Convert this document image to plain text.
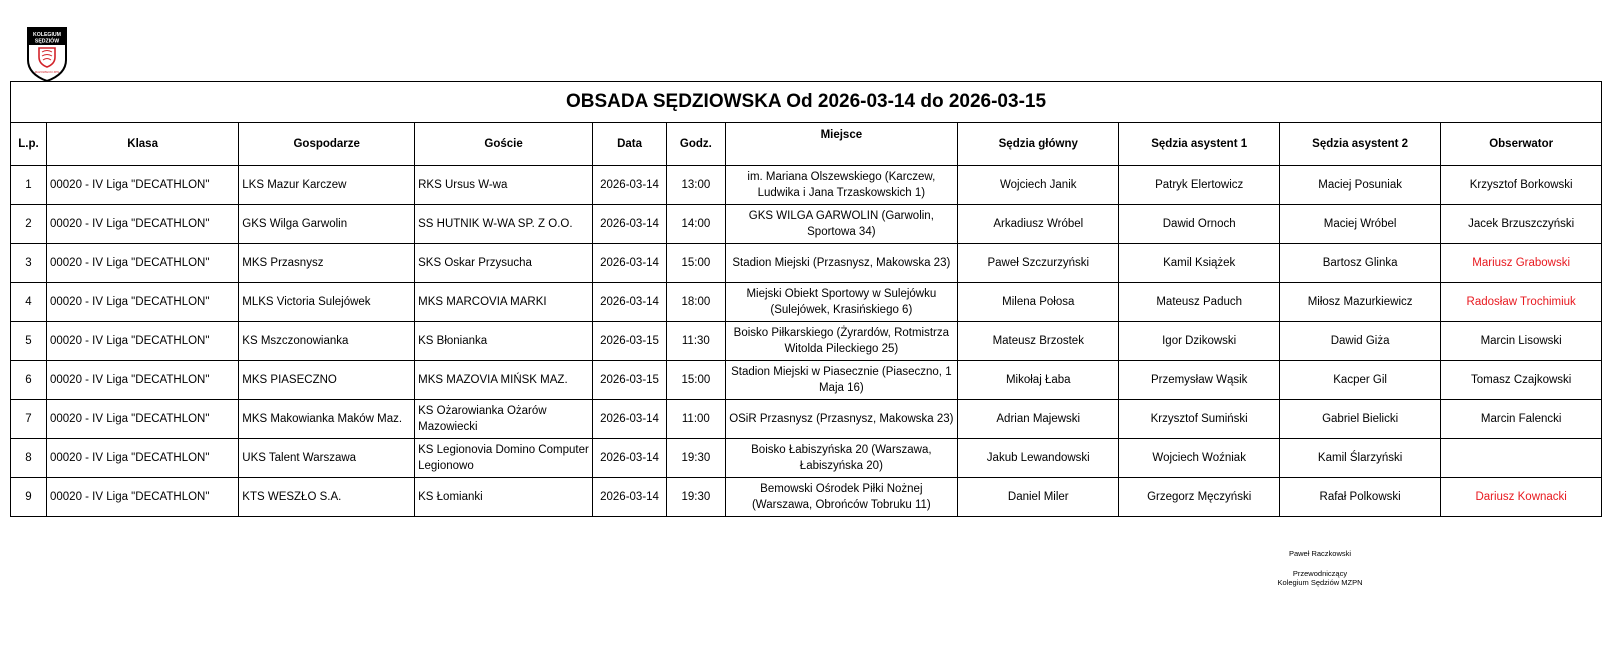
KOLEGIUM
SĘDZIÓW
MAZOWIECKI ZPN
OBSADA SĘDZIOWSKA Od 2026-03-14 do 2026-03-15										
L.p.	Klasa	Gospodarze	Goście	Data	Godz.	Miejsce	Sędzia główny	Sędzia asystent 1	Sędzia asystent 2	Obserwator
1	00020 - IV Liga "DECATHLON"	LKS Mazur Karczew	RKS Ursus W-wa	2026-03-14	13:00	im. Mariana Olszewskiego (Karczew, Ludwika i Jana Trzaskowskich 1)	Wojciech Janik	Patryk Elertowicz	Maciej Posuniak	Krzysztof Borkowski
2	00020 - IV Liga "DECATHLON"	GKS Wilga Garwolin	SS HUTNIK W-WA SP. Z O.O.	2026-03-14	14:00	GKS WILGA GARWOLIN (Garwolin, Sportowa 34)	Arkadiusz Wróbel	Dawid Ornoch	Maciej Wróbel	Jacek Brzuszczyński
3	00020 - IV Liga "DECATHLON"	MKS Przasnysz	SKS Oskar Przysucha	2026-03-14	15:00	Stadion Miejski (Przasnysz, Makowska 23)	Paweł Szczurzyński	Kamil Książek	Bartosz Glinka	Mariusz Grabowski
4	00020 - IV Liga "DECATHLON"	MLKS Victoria Sulejówek	MKS MARCOVIA MARKI	2026-03-14	18:00	Miejski Obiekt Sportowy w Sulejówku (Sulejówek, Krasińskiego 6)	Milena Połosa	Mateusz Paduch	Miłosz Mazurkiewicz	Radosław Trochimiuk
5	00020 - IV Liga "DECATHLON"	KS Mszczonowianka	KS Błonianka	2026-03-15	11:30	Boisko Piłkarskiego (Żyrardów, Rotmistrza Witolda Pileckiego 25)	Mateusz Brzostek	Igor Dzikowski	Dawid Giża	Marcin Lisowski
6	00020 - IV Liga "DECATHLON"	MKS PIASECZNO	MKS MAZOVIA MIŃSK MAZ.	2026-03-15	15:00	Stadion Miejski w Piasecznie (Piaseczno, 1 Maja 16)	Mikołaj Łaba	Przemysław Wąsik	Kacper Gil	Tomasz Czajkowski
7	00020 - IV Liga "DECATHLON"	MKS Makowianka Maków Maz.	KS Ożarowianka Ożarów Mazowiecki	2026-03-14	11:00	OSiR Przasnysz (Przasnysz, Makowska 23)	Adrian Majewski	Krzysztof Sumiński	Gabriel Bielicki	Marcin Falencki
8	00020 - IV Liga "DECATHLON"	UKS Talent Warszawa	KS Legionovia Domino Computer Legionowo	2026-03-14	19:30	Boisko Łabiszyńska 20 (Warszawa, Łabiszyńska 20)	Jakub Lewandowski	Wojciech Woźniak	Kamil Ślarzyński	
9	00020 - IV Liga "DECATHLON"	KTS WESZŁO S.A.	KS Łomianki	2026-03-14	19:30	Bemowski Ośrodek Piłki Nożnej (Warszawa, Obrońców Tobruku 11)	Daniel Miler	Grzegorz Męczyński	Rafał Polkowski	Dariusz Kownacki
Paweł Raczkowski
Przewodniczący
Kolegium Sędziów MZPN
